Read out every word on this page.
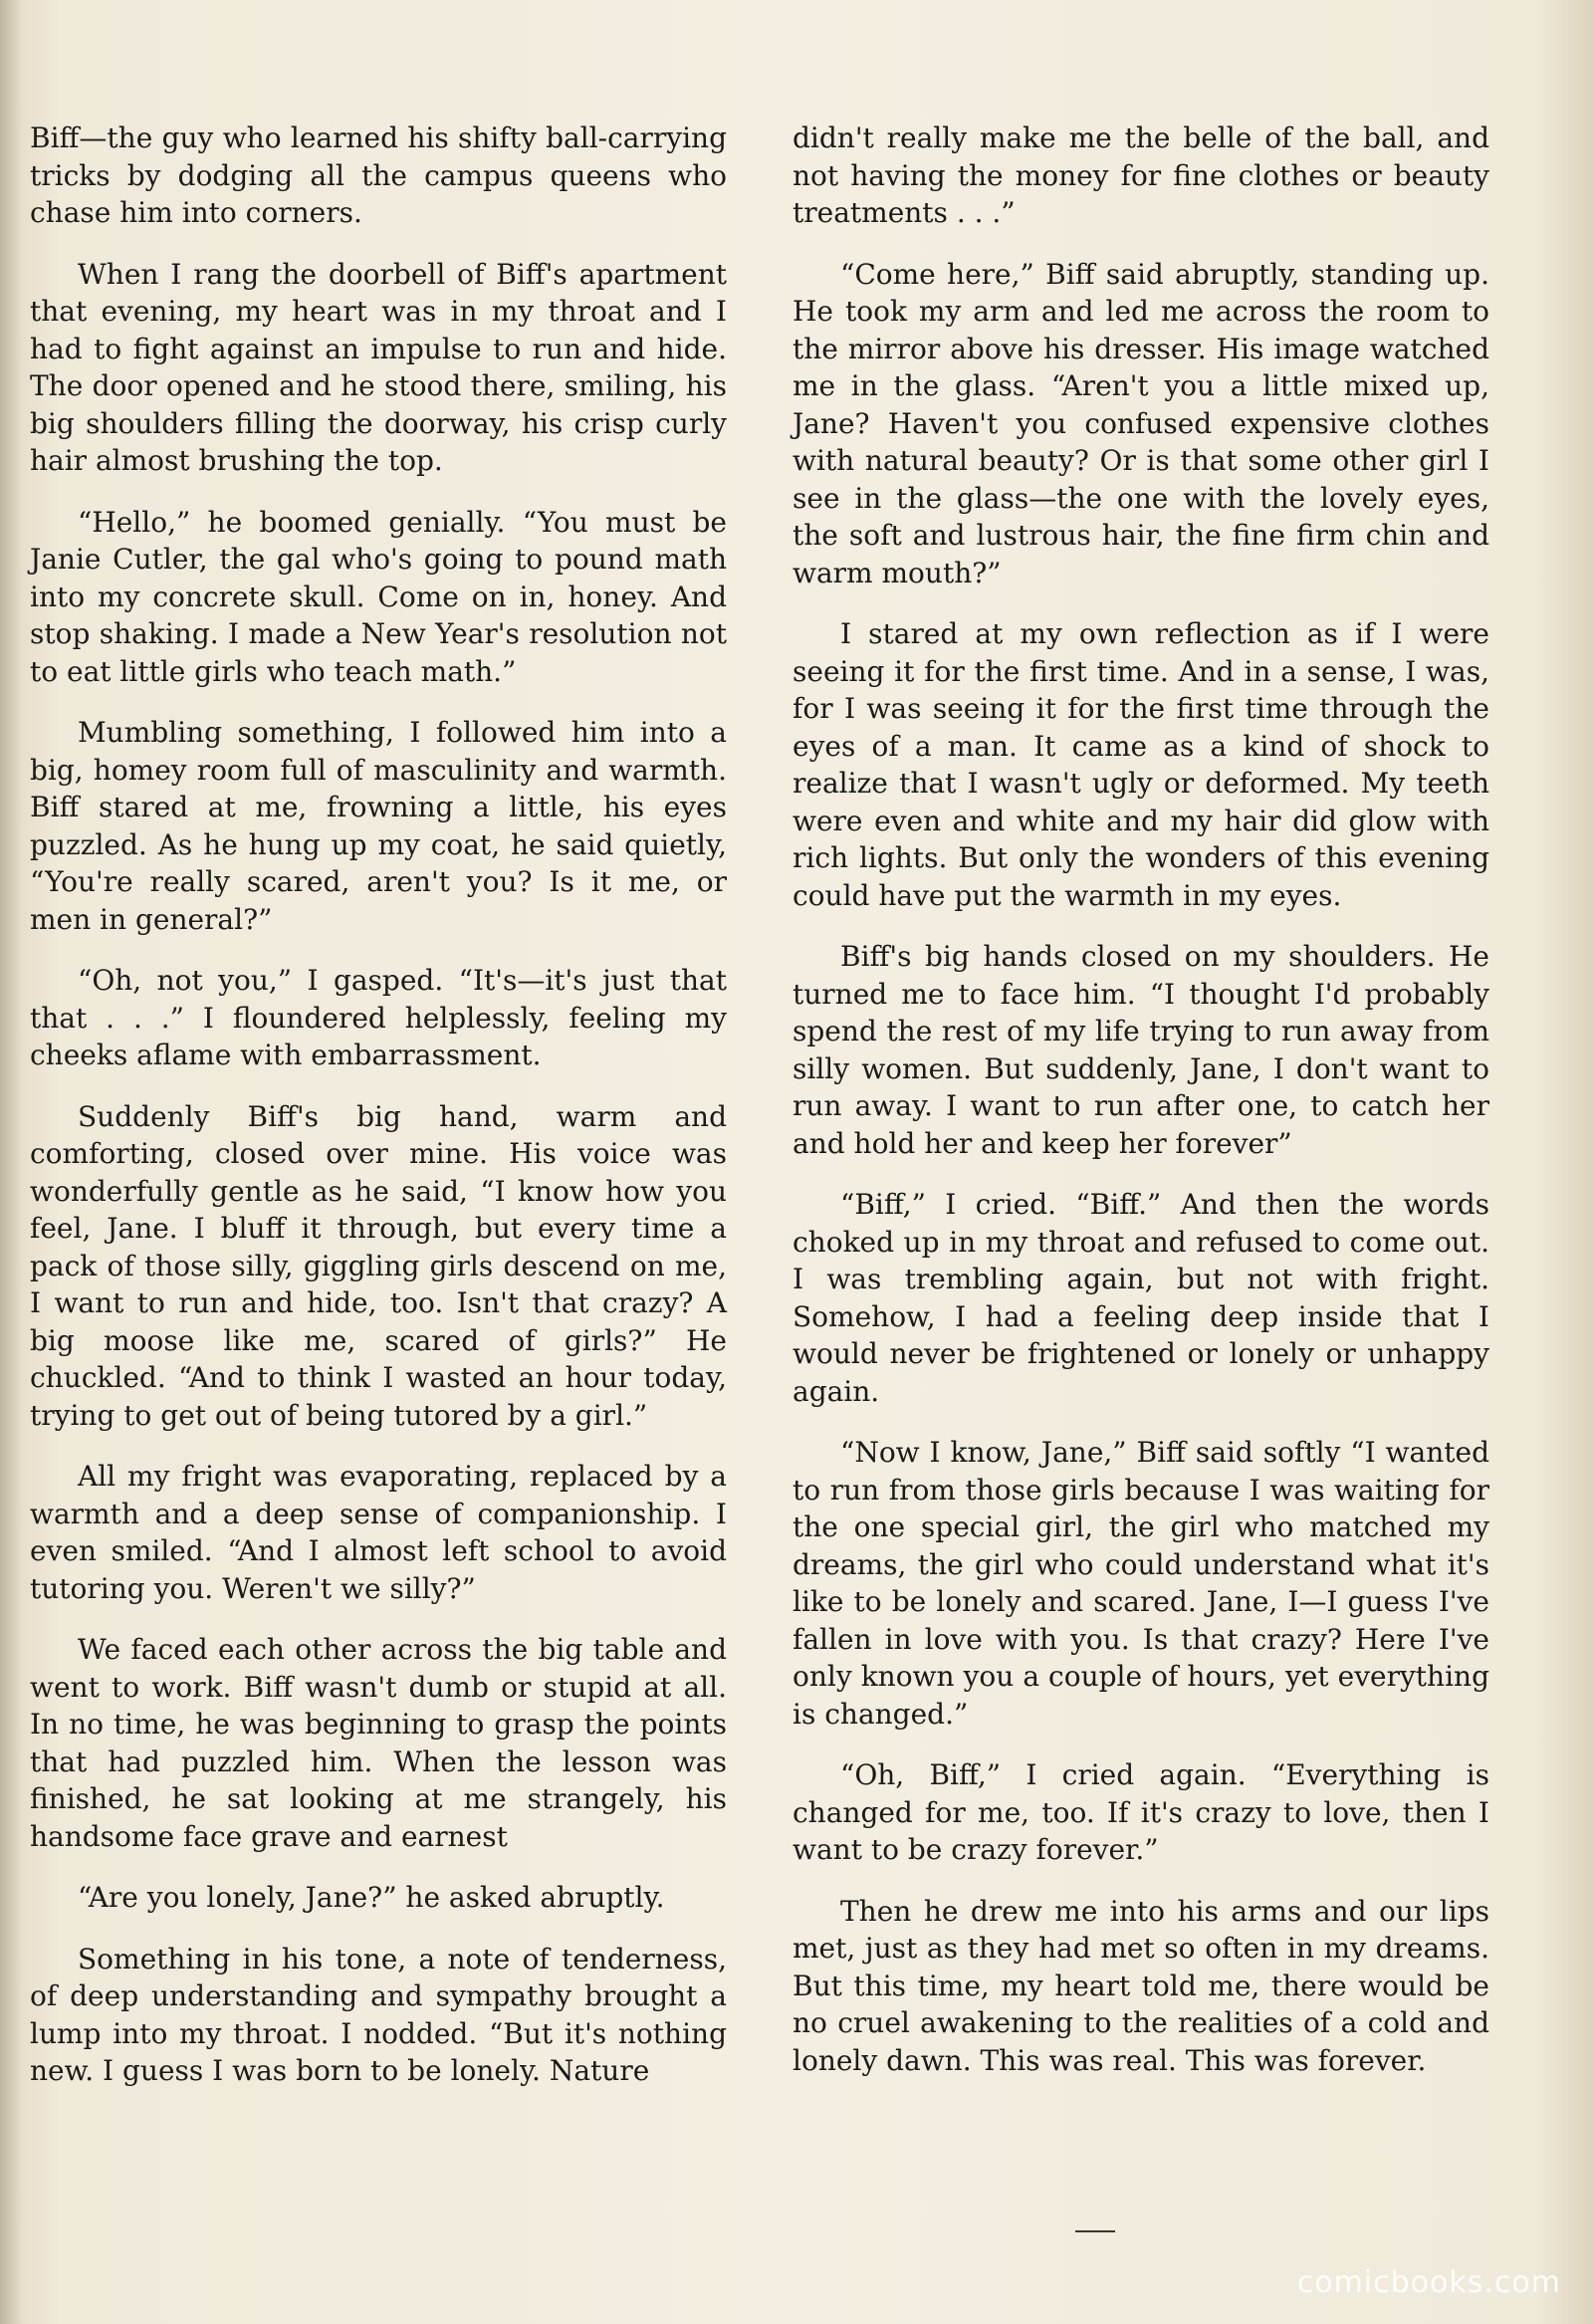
Biff—the guy who learned his shifty ball-carrying tricks by dodging all the campus queens who chase him into corners.

When I rang the doorbell of Biff's apartment that evening, my heart was in my throat and I had to fight against an impulse to run and hide. The door opened and he stood there, smiling, his big shoulders filling the doorway, his crisp curly hair almost brushing the top.

“Hello,” he boomed genially. “You must be Janie Cutler, the gal who's going to pound math into my concrete skull. Come on in, honey. And stop shaking. I made a New Year's resolution not to eat little girls who teach math.”

Mumbling something, I followed him into a big, homey room full of masculinity and warmth. Biff stared at me, frowning a little, his eyes puzzled. As he hung up my coat, he said quietly, “You're really scared, aren't you? Is it me, or men in general?”

“Oh, not you,” I gasped. “It's—it's just that that . . .” I floundered helplessly, feeling my cheeks aflame with embarrassment.

Suddenly Biff's big hand, warm and comforting, closed over mine. His voice was wonderfully gentle as he said, “I know how you feel, Jane. I bluff it through, but every time a pack of those silly, giggling girls descend on me, I want to run and hide, too. Isn't that crazy? A big moose like me, scared of girls?” He chuckled. “And to think I wasted an hour today, trying to get out of being tutored by a girl.”

All my fright was evaporating, replaced by a warmth and a deep sense of companionship. I even smiled. “And I almost left school to avoid tutoring you. Weren't we silly?”

We faced each other across the big table and went to work. Biff wasn't dumb or stupid at all. In no time, he was beginning to grasp the points that had puzzled him. When the lesson was finished, he sat looking at me strangely, his handsome face grave and earnest

“Are you lonely, Jane?” he asked abruptly.

Something in his tone, a note of tenderness, of deep understanding and sympathy brought a lump into my throat. I nodded. “But it's nothing new. I guess I was born to be lonely. Nature

didn't really make me the belle of the ball, and not having the money for fine clothes or beauty treatments . . .”

“Come here,” Biff said abruptly, standing up. He took my arm and led me across the room to the mirror above his dresser. His image watched me in the glass. “Aren't you a little mixed up, Jane? Haven't you confused expensive clothes with natural beauty? Or is that some other girl I see in the glass—the one with the lovely eyes, the soft and lustrous hair, the fine firm chin and warm mouth?”

I stared at my own reflection as if I were seeing it for the first time. And in a sense, I was, for I was seeing it for the first time through the eyes of a man. It came as a kind of shock to realize that I wasn't ugly or deformed. My teeth were even and white and my hair did glow with rich lights. But only the wonders of this evening could have put the warmth in my eyes.

Biff's big hands closed on my shoulders. He turned me to face him. “I thought I'd probably spend the rest of my life trying to run away from silly women. But suddenly, Jane, I don't want to run away. I want to run after one, to catch her and hold her and keep her forever”

“Biff,” I cried. “Biff.” And then the words choked up in my throat and refused to come out. I was trembling again, but not with fright. Somehow, I had a feeling deep inside that I would never be frightened or lonely or unhappy again.

“Now I know, Jane,” Biff said softly “I wanted to run from those girls because I was waiting for the one special girl, the girl who matched my dreams, the girl who could understand what it's like to be lonely and scared. Jane, I—I guess I've fallen in love with you. Is that crazy? Here I've only known you a couple of hours, yet everything is changed.”

“Oh, Biff,” I cried again. “Everything is changed for me, too. If it's crazy to love, then I want to be crazy forever.”

Then he drew me into his arms and our lips met, just as they had met so often in my dreams. But this time, my heart told me, there would be no cruel awakening to the realities of a cold and lonely dawn. This was real. This was forever.

comicbooks.com
